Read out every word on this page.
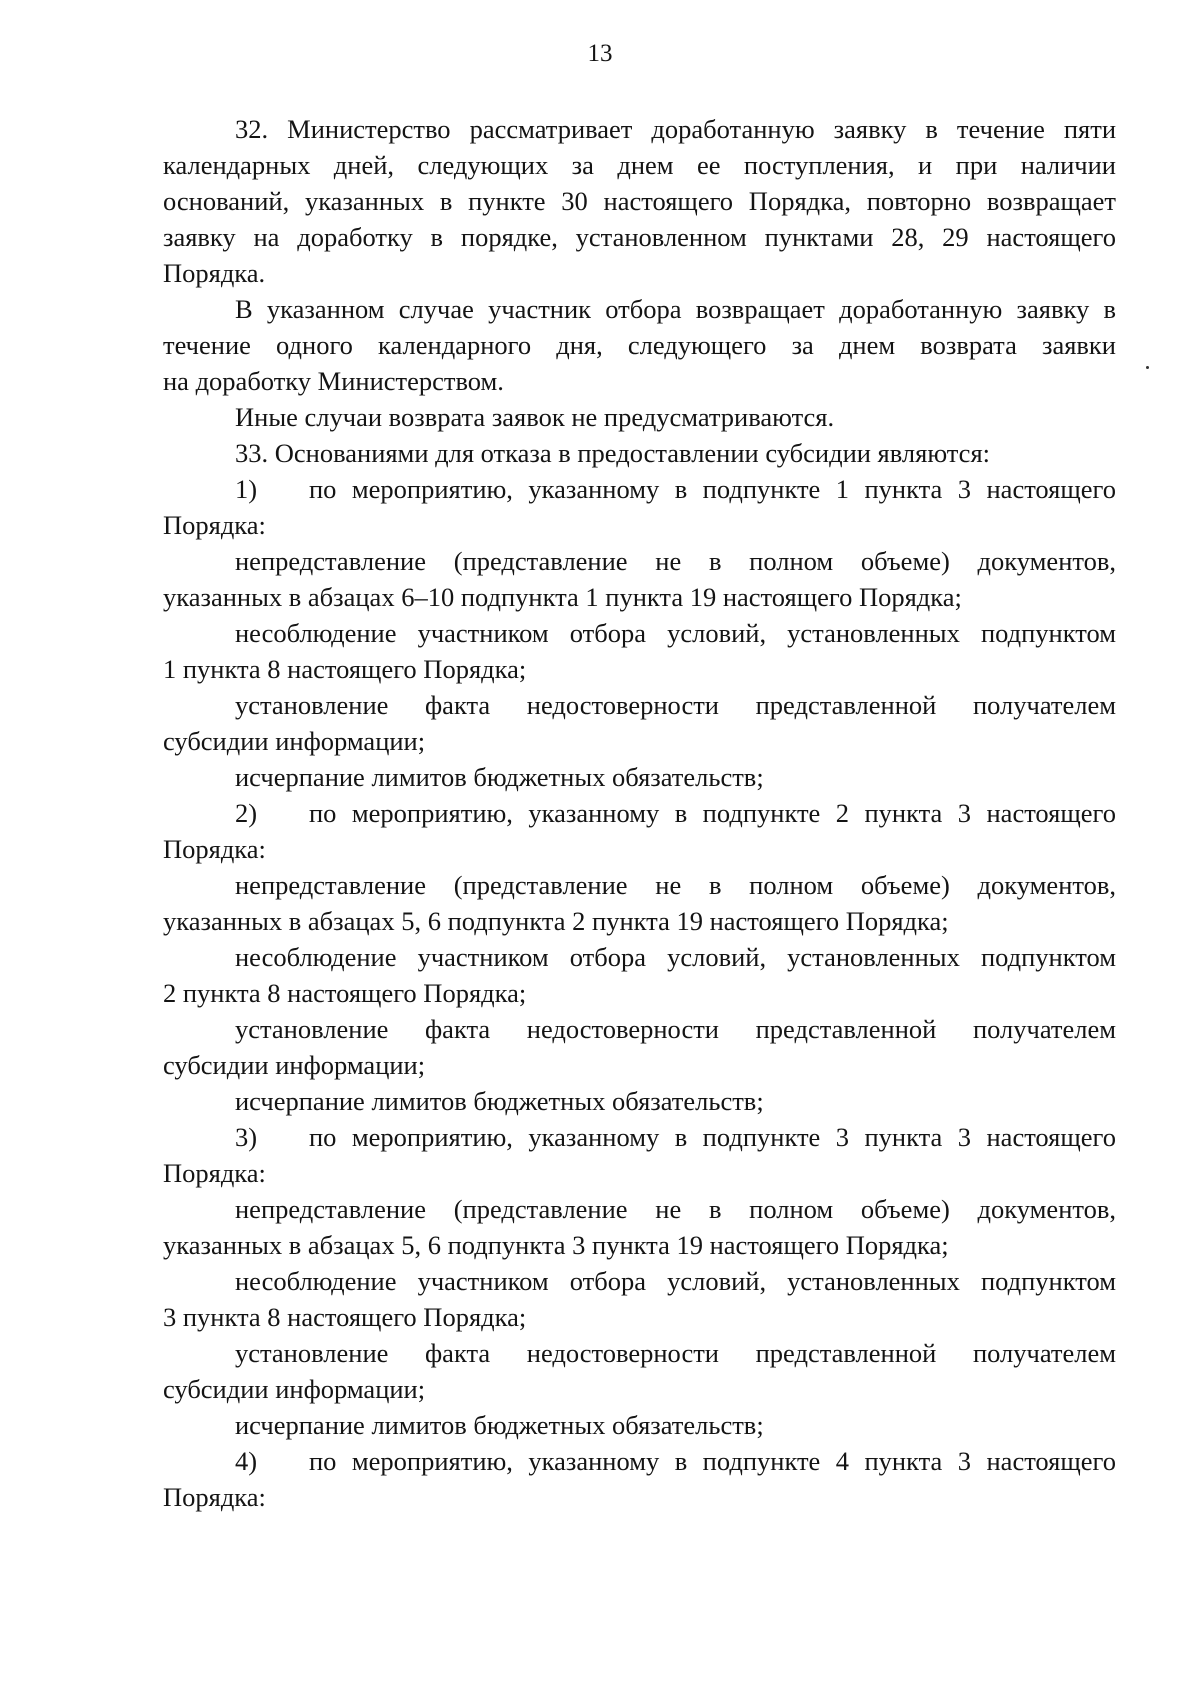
13
32. Министерство рассматривает доработанную заявку в течение пяти
календарных дней, следующих за днем ее поступления, и при наличии
оснований, указанных в пункте 30 настоящего Порядка, повторно возвращает
заявку на доработку в порядке, установленном пунктами 28, 29 настоящего
Порядка.
В указанном случае участник отбора возвращает доработанную заявку в
течение одного календарного дня, следующего за днем возврата заявки
на доработку Министерством.
Иные случаи возврата заявок не предусматриваются.
33. Основаниями для отказа в предоставлении субсидии являются:
1)	по мероприятию, указанному в подпункте 1 пункта 3 настоящего
Порядка:
непредставление (представление не в полном объеме) документов,
указанных в абзацах 6–10 подпункта 1 пункта 19 настоящего Порядка;
несоблюдение участником отбора условий, установленных подпунктом
1 пункта 8 настоящего Порядка;
установление факта недостоверности представленной получателем
субсидии информации;
исчерпание лимитов бюджетных обязательств;
2)	по мероприятию, указанному в подпункте 2 пункта 3 настоящего
Порядка:
непредставление (представление не в полном объеме) документов,
указанных в абзацах 5, 6 подпункта 2 пункта 19 настоящего Порядка;
несоблюдение участником отбора условий, установленных подпунктом
2 пункта 8 настоящего Порядка;
установление факта недостоверности представленной получателем
субсидии информации;
исчерпание лимитов бюджетных обязательств;
3)	по мероприятию, указанному в подпункте 3 пункта 3 настоящего
Порядка:
непредставление (представление не в полном объеме) документов,
указанных в абзацах 5, 6 подпункта 3 пункта 19 настоящего Порядка;
несоблюдение участником отбора условий, установленных подпунктом
3 пункта 8 настоящего Порядка;
установление факта недостоверности представленной получателем
субсидии информации;
исчерпание лимитов бюджетных обязательств;
4)	по мероприятию, указанному в подпункте 4 пункта 3 настоящего
Порядка:
